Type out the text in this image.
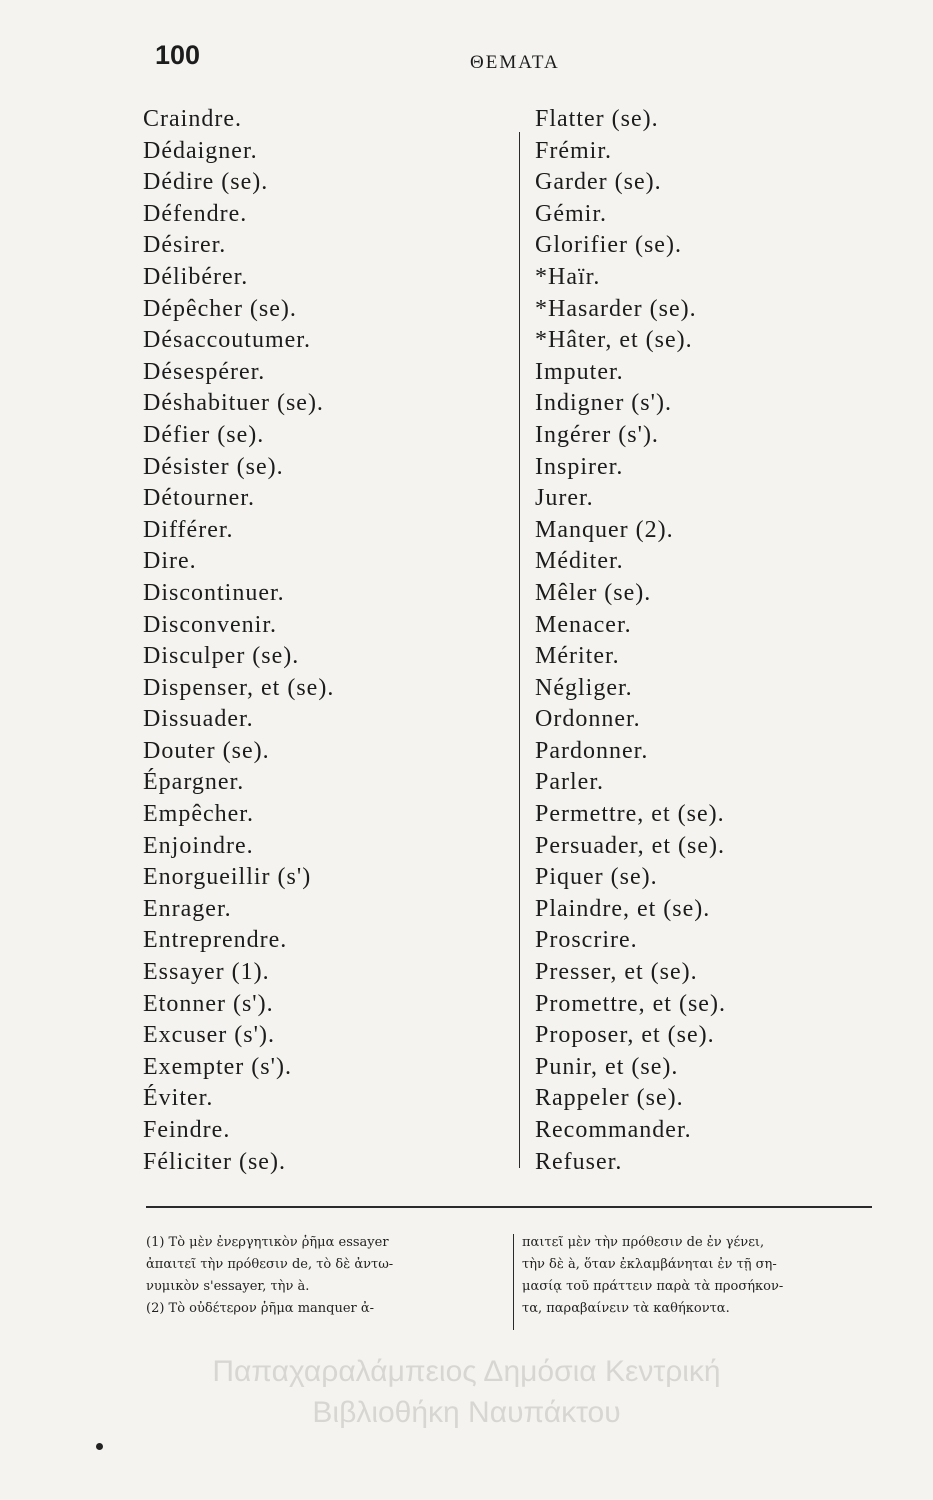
100	ΘΕΜΑΤΑ
Craindre.
Dédaigner.
Dédire (se).
Défendre.
Désirer.
Délibérer.
Dépêcher (se).
Désaccoutumer.
Désespérer.
Déshabituer (se).
Défier (se).
Désister (se).
Détourner.
Différer.
Dire.
Discontinuer.
Disconvenir.
Disculper (se).
Dispenser, et (se).
Dissuader.
Douter (se).
Épargner.
Empêcher.
Enjoindre.
Enorgueillir (s')
Enrager.
Entreprendre.
Essayer (1).
Etonner (s').
Excuser (s').
Exempter (s').
Éviter.
Feindre.
Féliciter (se).
Flatter (se).
Frémir.
Garder (se).
Gémir.
Glorifier (se).
*Haïr.
*Hasarder (se).
*Hâter, et (se).
Imputer.
Indigner (s').
Ingérer (s').
Inspirer.
Jurer.
Manquer (2).
Méditer.
Mêler (se).
Menacer.
Mériter.
Négliger.
Ordonner.
Pardonner.
Parler.
Permettre, et (se).
Persuader, et (se).
Piquer (se).
Plaindre, et (se).
Proscrire.
Presser, et (se).
Promettre, et (se).
Proposer, et (se).
Punir, et (se).
Rappeler (se).
Recommander.
Refuser.

(1) Τὸ μὲν ἐνεργητικὸν ῥῆμα essayer

ἀπαιτεῖ τὴν πρόθεσιν de, τὸ δὲ ἀντω-

νυμικὸν s'essayer, τὴν à.

(2) Τὸ οὐδέτερον ῥῆμα manquer ἀ-

παιτεῖ μὲν τὴν πρόθεσιν de ἐν γένει,

τὴν δὲ à, ὅταν ἐκλαμβάνηται ἐν τῇ ση-

μασίᾳ τοῦ πράττειν παρὰ τὰ προσήκον-

τα, παραβαίνειν τὰ καθήκοντα.

Παπαχαραλάμπειος Δημόσια Κεντρική
Βιβλιοθήκη Ναυπάκτου
